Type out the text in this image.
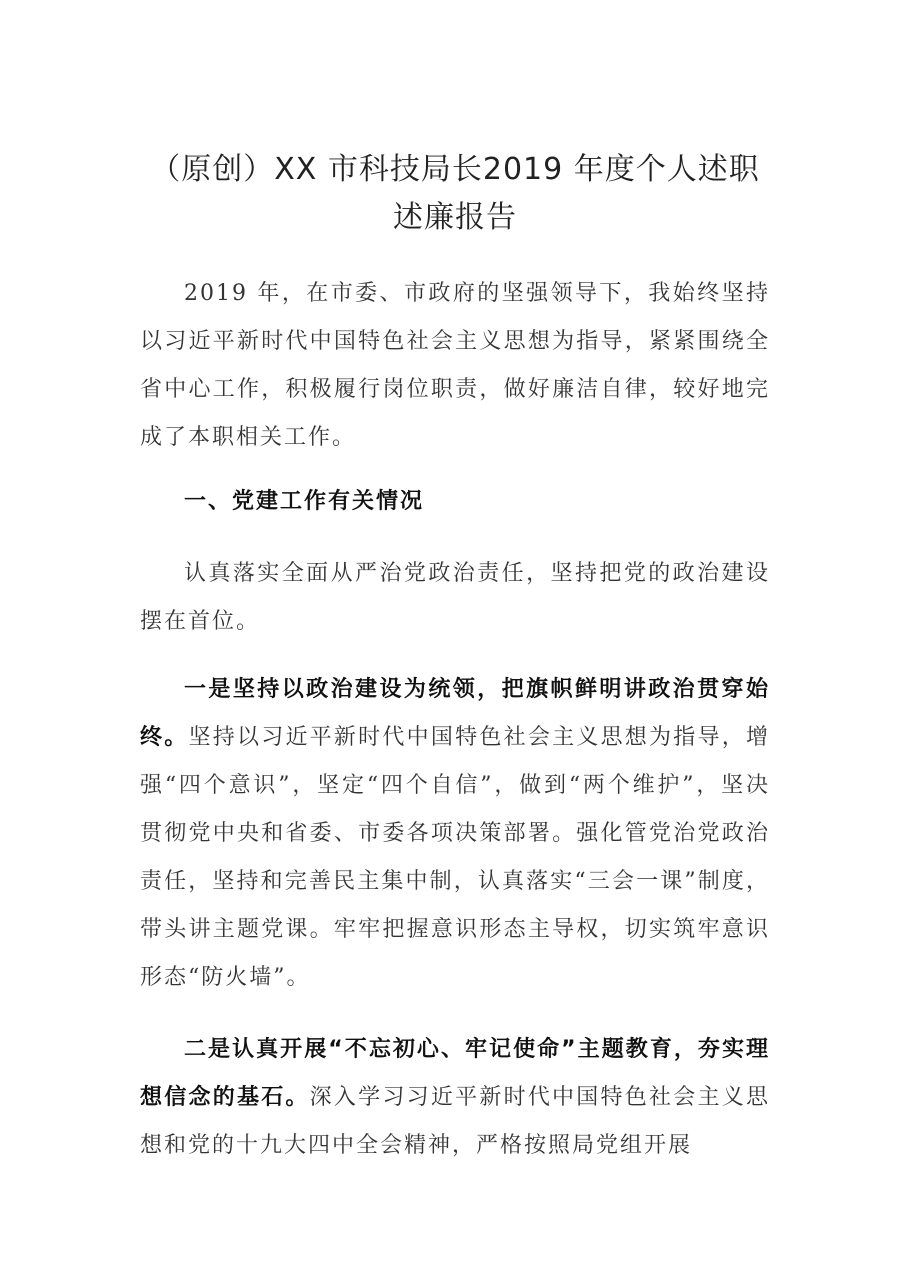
（原创）XX 市科技局长2019 年度个人述职述廉报告
2019 年，在市委、市政府的坚强领导下，我始终坚持以习近平新时代中国特色社会主义思想为指导，紧紧围绕全省中心工作，积极履行岗位职责，做好廉洁自律，较好地完成了本职相关工作。
一、党建工作有关情况
认真落实全面从严治党政治责任，坚持把党的政治建设摆在首位。
一是坚持以政治建设为统领，把旗帜鲜明讲政治贯穿始终。坚持以习近平新时代中国特色社会主义思想为指导，增强“四个意识”，坚定“四个自信”，做到“两个维护”，坚决贯彻党中央和省委、市委各项决策部署。强化管党治党政治责任，坚持和完善民主集中制，认真落实“三会一课”制度，带头讲主题党课。牢牢把握意识形态主导权，切实筑牢意识形态“防火墙”。
二是认真开展“不忘初心、牢记使命”主题教育，夯实理想信念的基石。深入学习习近平新时代中国特色社会主义思想和党的十九大四中全会精神，严格按照局党组开展
